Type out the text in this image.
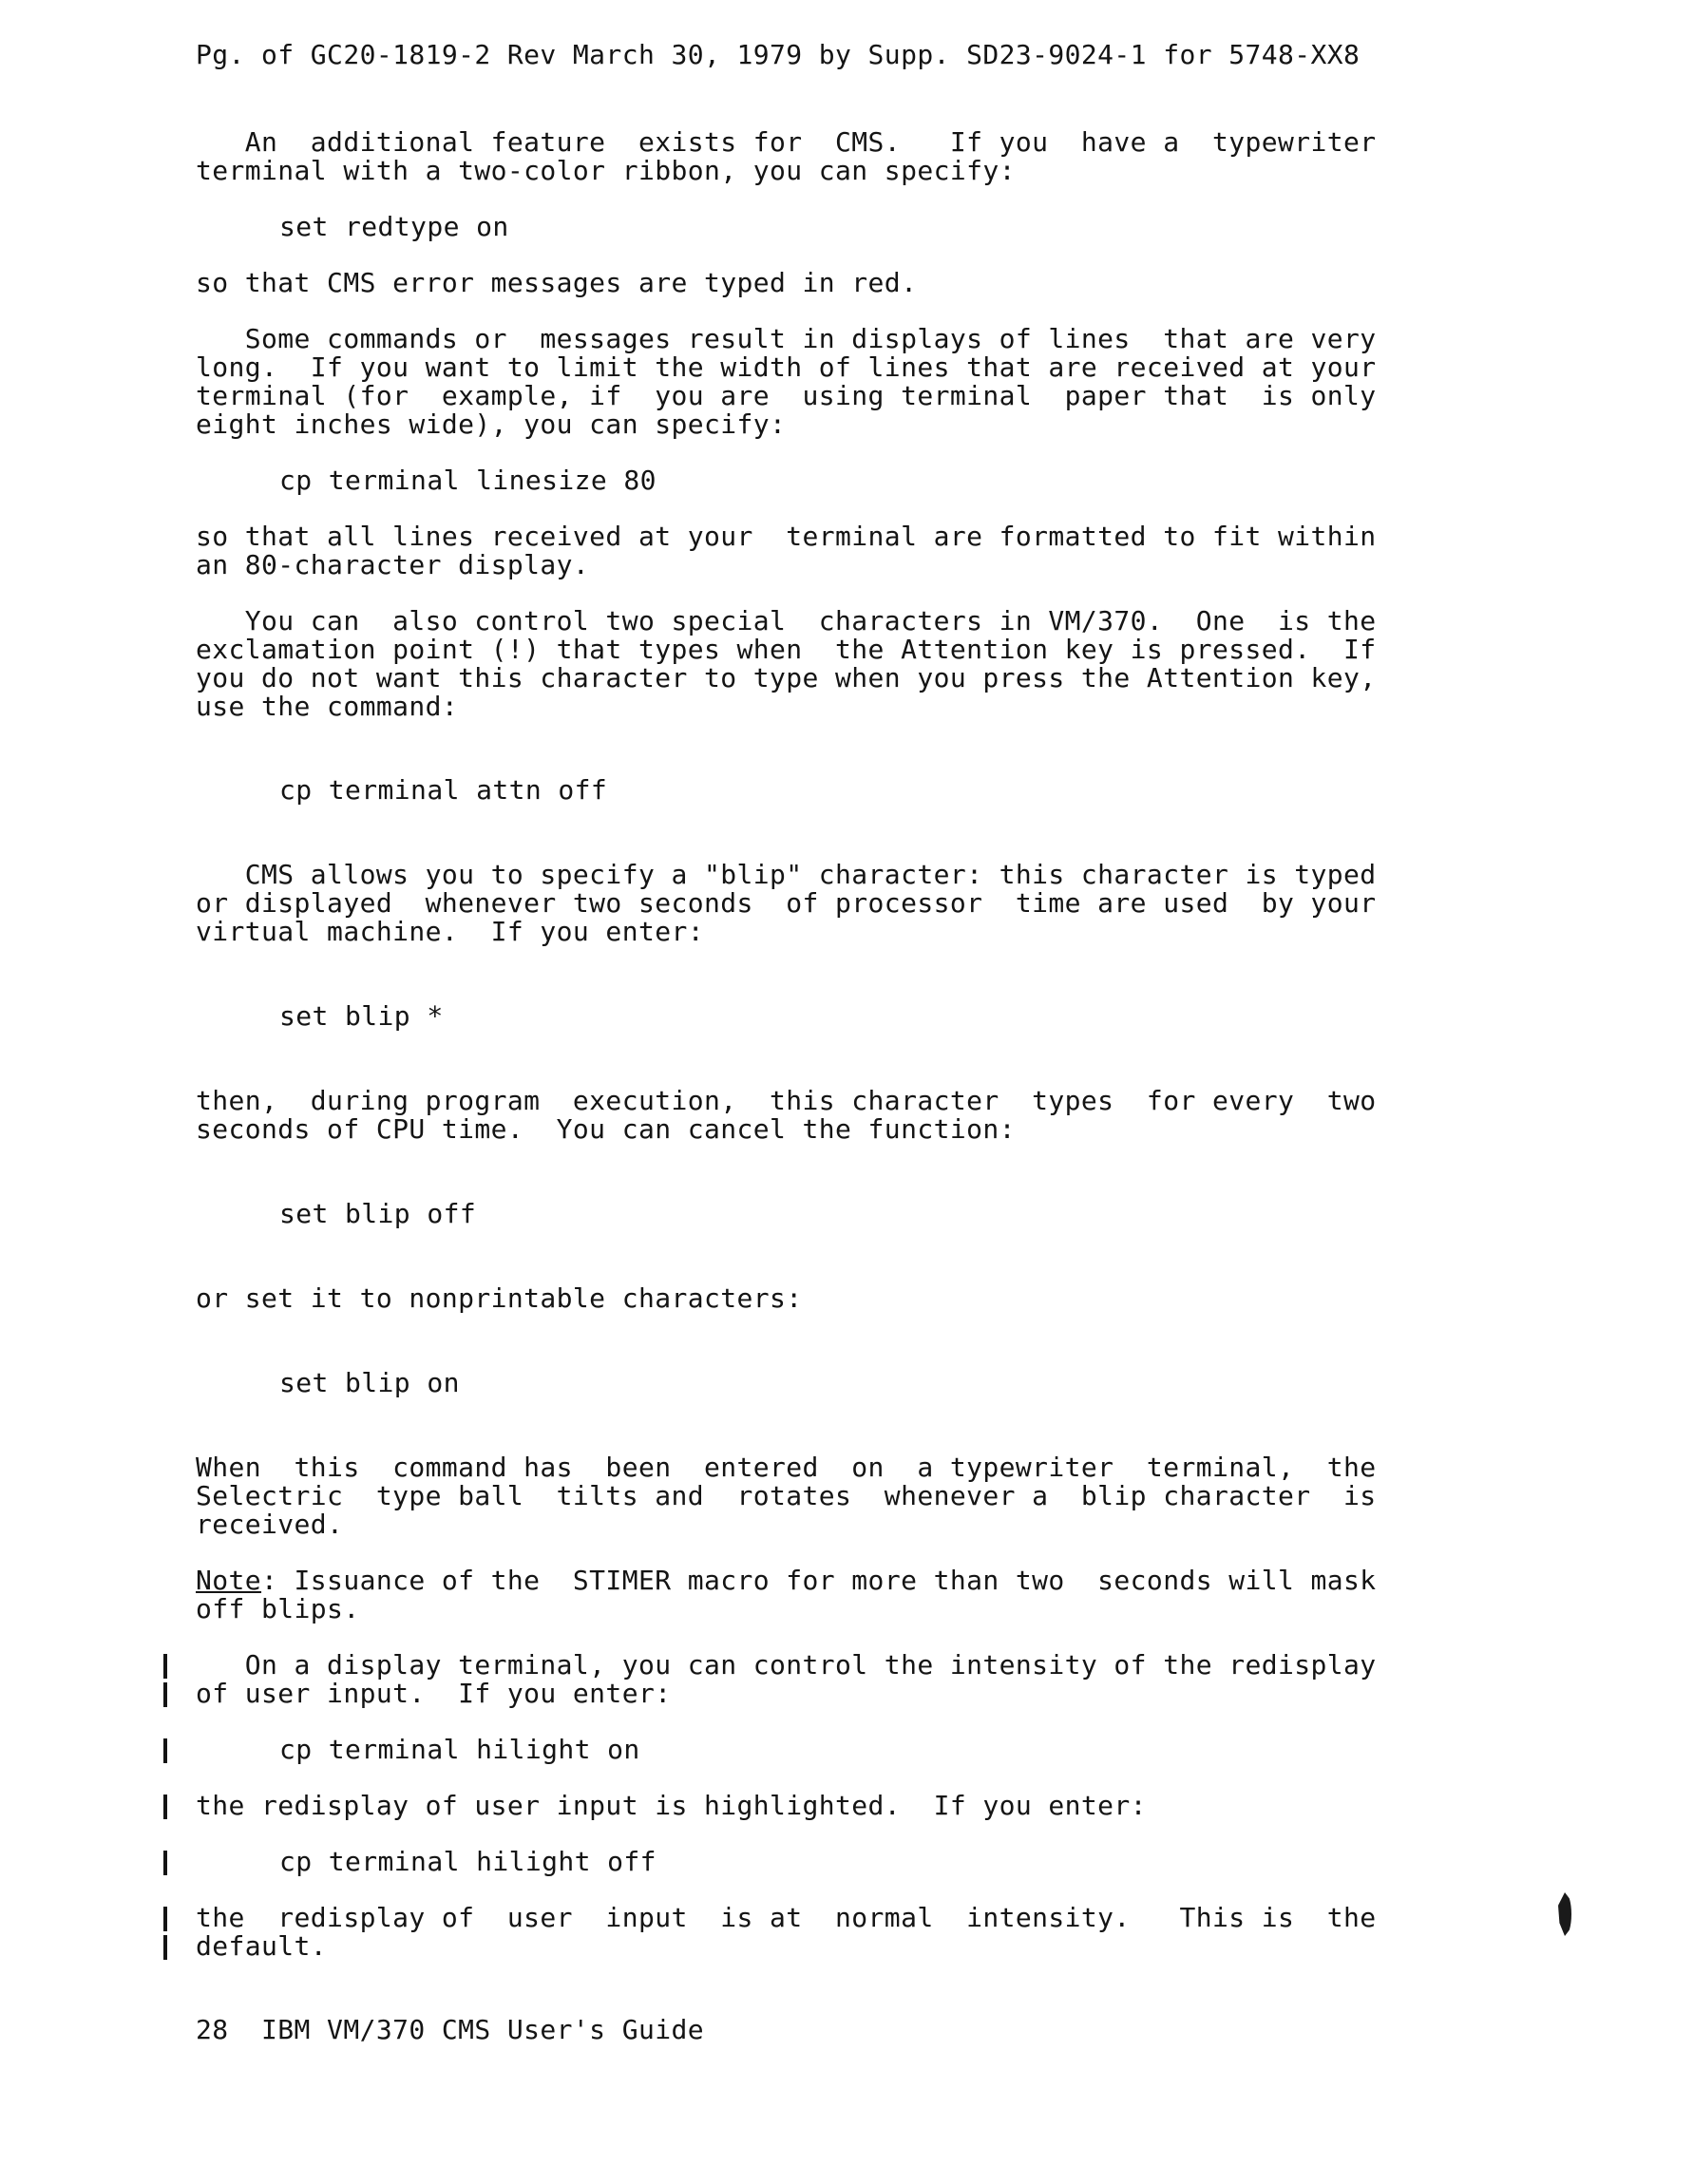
Pg. of GC20-1819-2 Rev March 30, 1979 by Supp. SD23-9024-1 for 5748-XX8
An  additional feature  exists for  CMS.   If you  have a  typewriter
terminal with a two-color ribbon, you can specify:
set redtype on
so that CMS error messages are typed in red.
Some commands or  messages result in displays of lines  that are very
long.  If you want to limit the width of lines that are received at your
terminal (for  example, if  you are  using terminal  paper that  is only
eight inches wide), you can specify:
cp terminal linesize 80
so that all lines received at your  terminal are formatted to fit within
an 80-character display.
You can  also control two special  characters in VM/370.  One  is the
exclamation point (!) that types when  the Attention key is pressed.  If
you do not want this character to type when you press the Attention key,
use the command:
cp terminal attn off
CMS allows you to specify a "blip" character: this character is typed
or displayed  whenever two seconds  of processor  time are used  by your
virtual machine.  If you enter:
set blip *
then,  during program  execution,  this character  types  for every  two
seconds of CPU time.  You can cancel the function:
set blip off
or set it to nonprintable characters:
set blip on
When  this  command has  been  entered  on  a typewriter  terminal,  the
Selectric  type ball  tilts and  rotates  whenever a  blip character  is
received.
Note: Issuance of the  STIMER macro for more than two  seconds will mask
off blips.
On a display terminal, you can control the intensity of the redisplay
of user input.  If you enter:
cp terminal hilight on
the redisplay of user input is highlighted.  If you enter:
cp terminal hilight off
the  redisplay of  user  input  is at  normal  intensity.   This is  the
default.
28  IBM VM/370 CMS User's Guide
